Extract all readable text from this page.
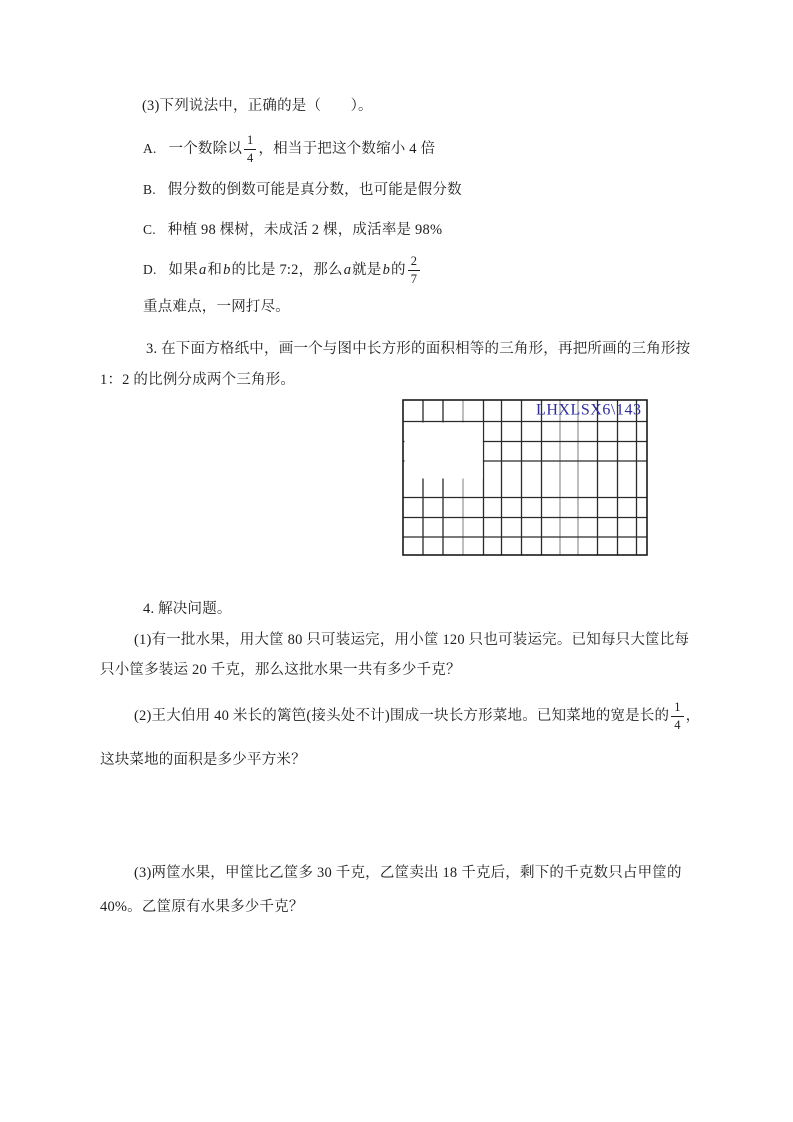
(3)下列说法中，正确的是（　　）。
A. 一个数除以 $\frac{1}{4}$ ，相当于把这个数缩小 4 倍
B. 假分数的倒数可能是真分数，也可能是假分数
C. 种植 98 棵树，未成活 2 棵，成活率是 98%
D. 如果 a 和 b 的比是 7:2，那么 a 就是 b 的 $\frac{2}{7}$
重点难点，一网打尽。
3. 在下面方格纸中，画一个与图中长方形的面积相等的三角形，再把所画的三角形按
1：2 的比例分成两个三角形。
LHXLSX6\143
4. 解决问题。
(1)有一批水果，用大筐 80 只可装运完，用小筐 120 只也可装运完。已知每只大筐比每
只小筐多装运 20 千克，那么这批水果一共有多少千克？
(2)王大伯用 40 米长的篱笆(接头处不计)围成一块长方形菜地。已知菜地的宽是长的 $\frac{1}{4}$ ，
这块菜地的面积是多少平方米？
(3)两筐水果，甲筐比乙筐多 30 千克，乙筐卖出 18 千克后，剩下的千克数只占甲筐的
40%。乙筐原有水果多少千克？
